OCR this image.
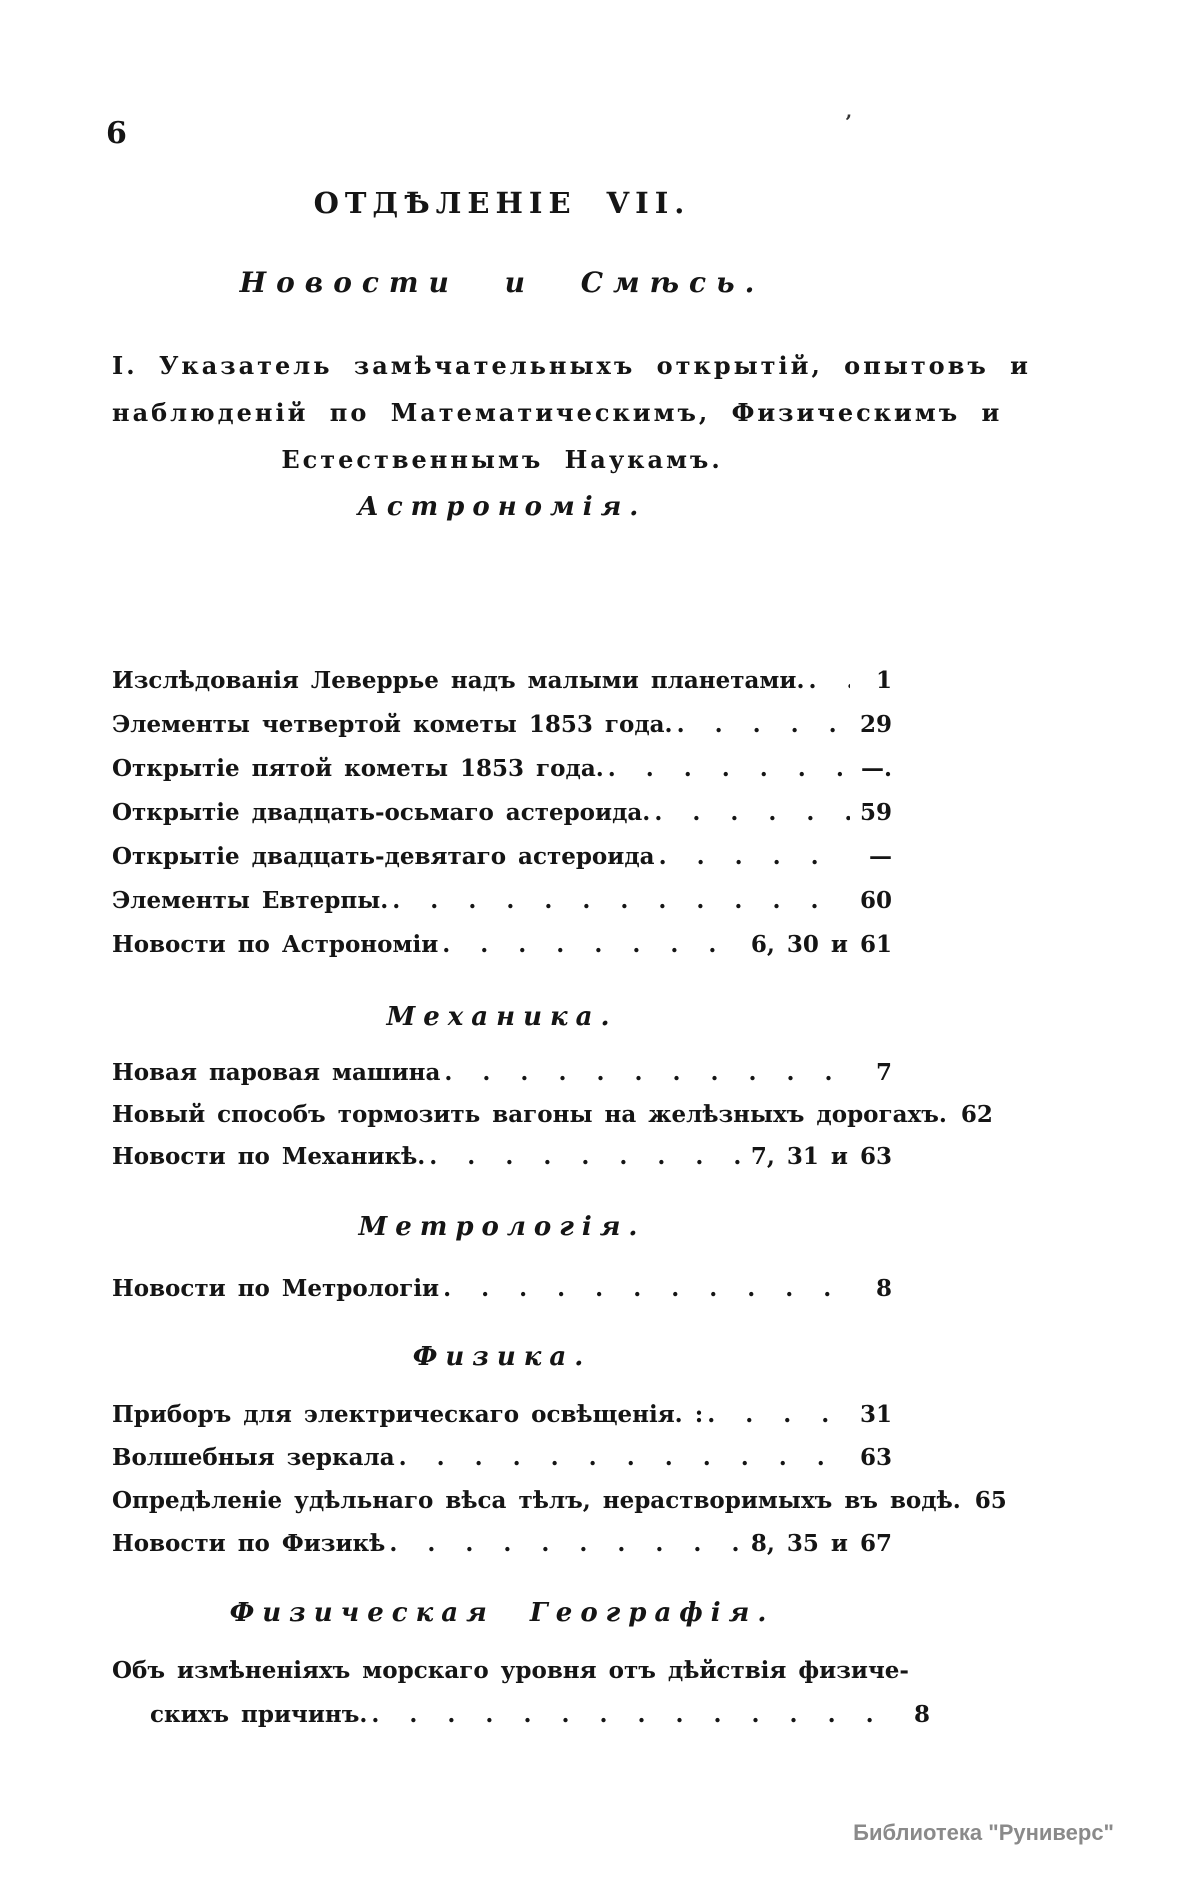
6	’
ОТДѢЛЕНІЕ VII.
Новости и Смѣсь.
I. Указатель замѣчательныхъ открытій, опытовъ и
наблюденій по Математическимъ, Физическимъ и
Естественнымъ Наукамъ.
Астрономія.
Изслѣдованія Леверрье надъ малыми планетами. . . .	1
Элементы четвертой кометы 1853 года. . . .	29
Открытіе пятой кометы 1853 года. . . .	—.
Открытіе двадцать-осьмаго астероида. . . .	59
Открытіе двадцать-девятаго астероида . . .	—
Элементы Евтерпы. . . .	60
Новости по Астрономіи . . .	6, 30 и 61
Механика.
Новая паровая машина . . .	7
Новый способъ тормозить вагоны на желѣзныхъ дорогахъ. 62
Новости по Механикѣ. . . .	7, 31 и 63
Метрологія.
Новости по Метрологіи . . .	8
Физика.
Приборъ для электрическаго освѣщенія. : . . .	31
Волшебныя зеркала . . .	63
Опредѣленіе удѣльнаго вѣса тѣлъ, нерастворимыхъ въ водѣ. 65
Новости по Физикѣ . . .	8, 35 и 67
Физическая Географія.
Объ измѣненіяхъ морскаго уровня отъ дѣйствія физиче-
скихъ причинъ. . . .	8
Библиотека "Руниверс"
